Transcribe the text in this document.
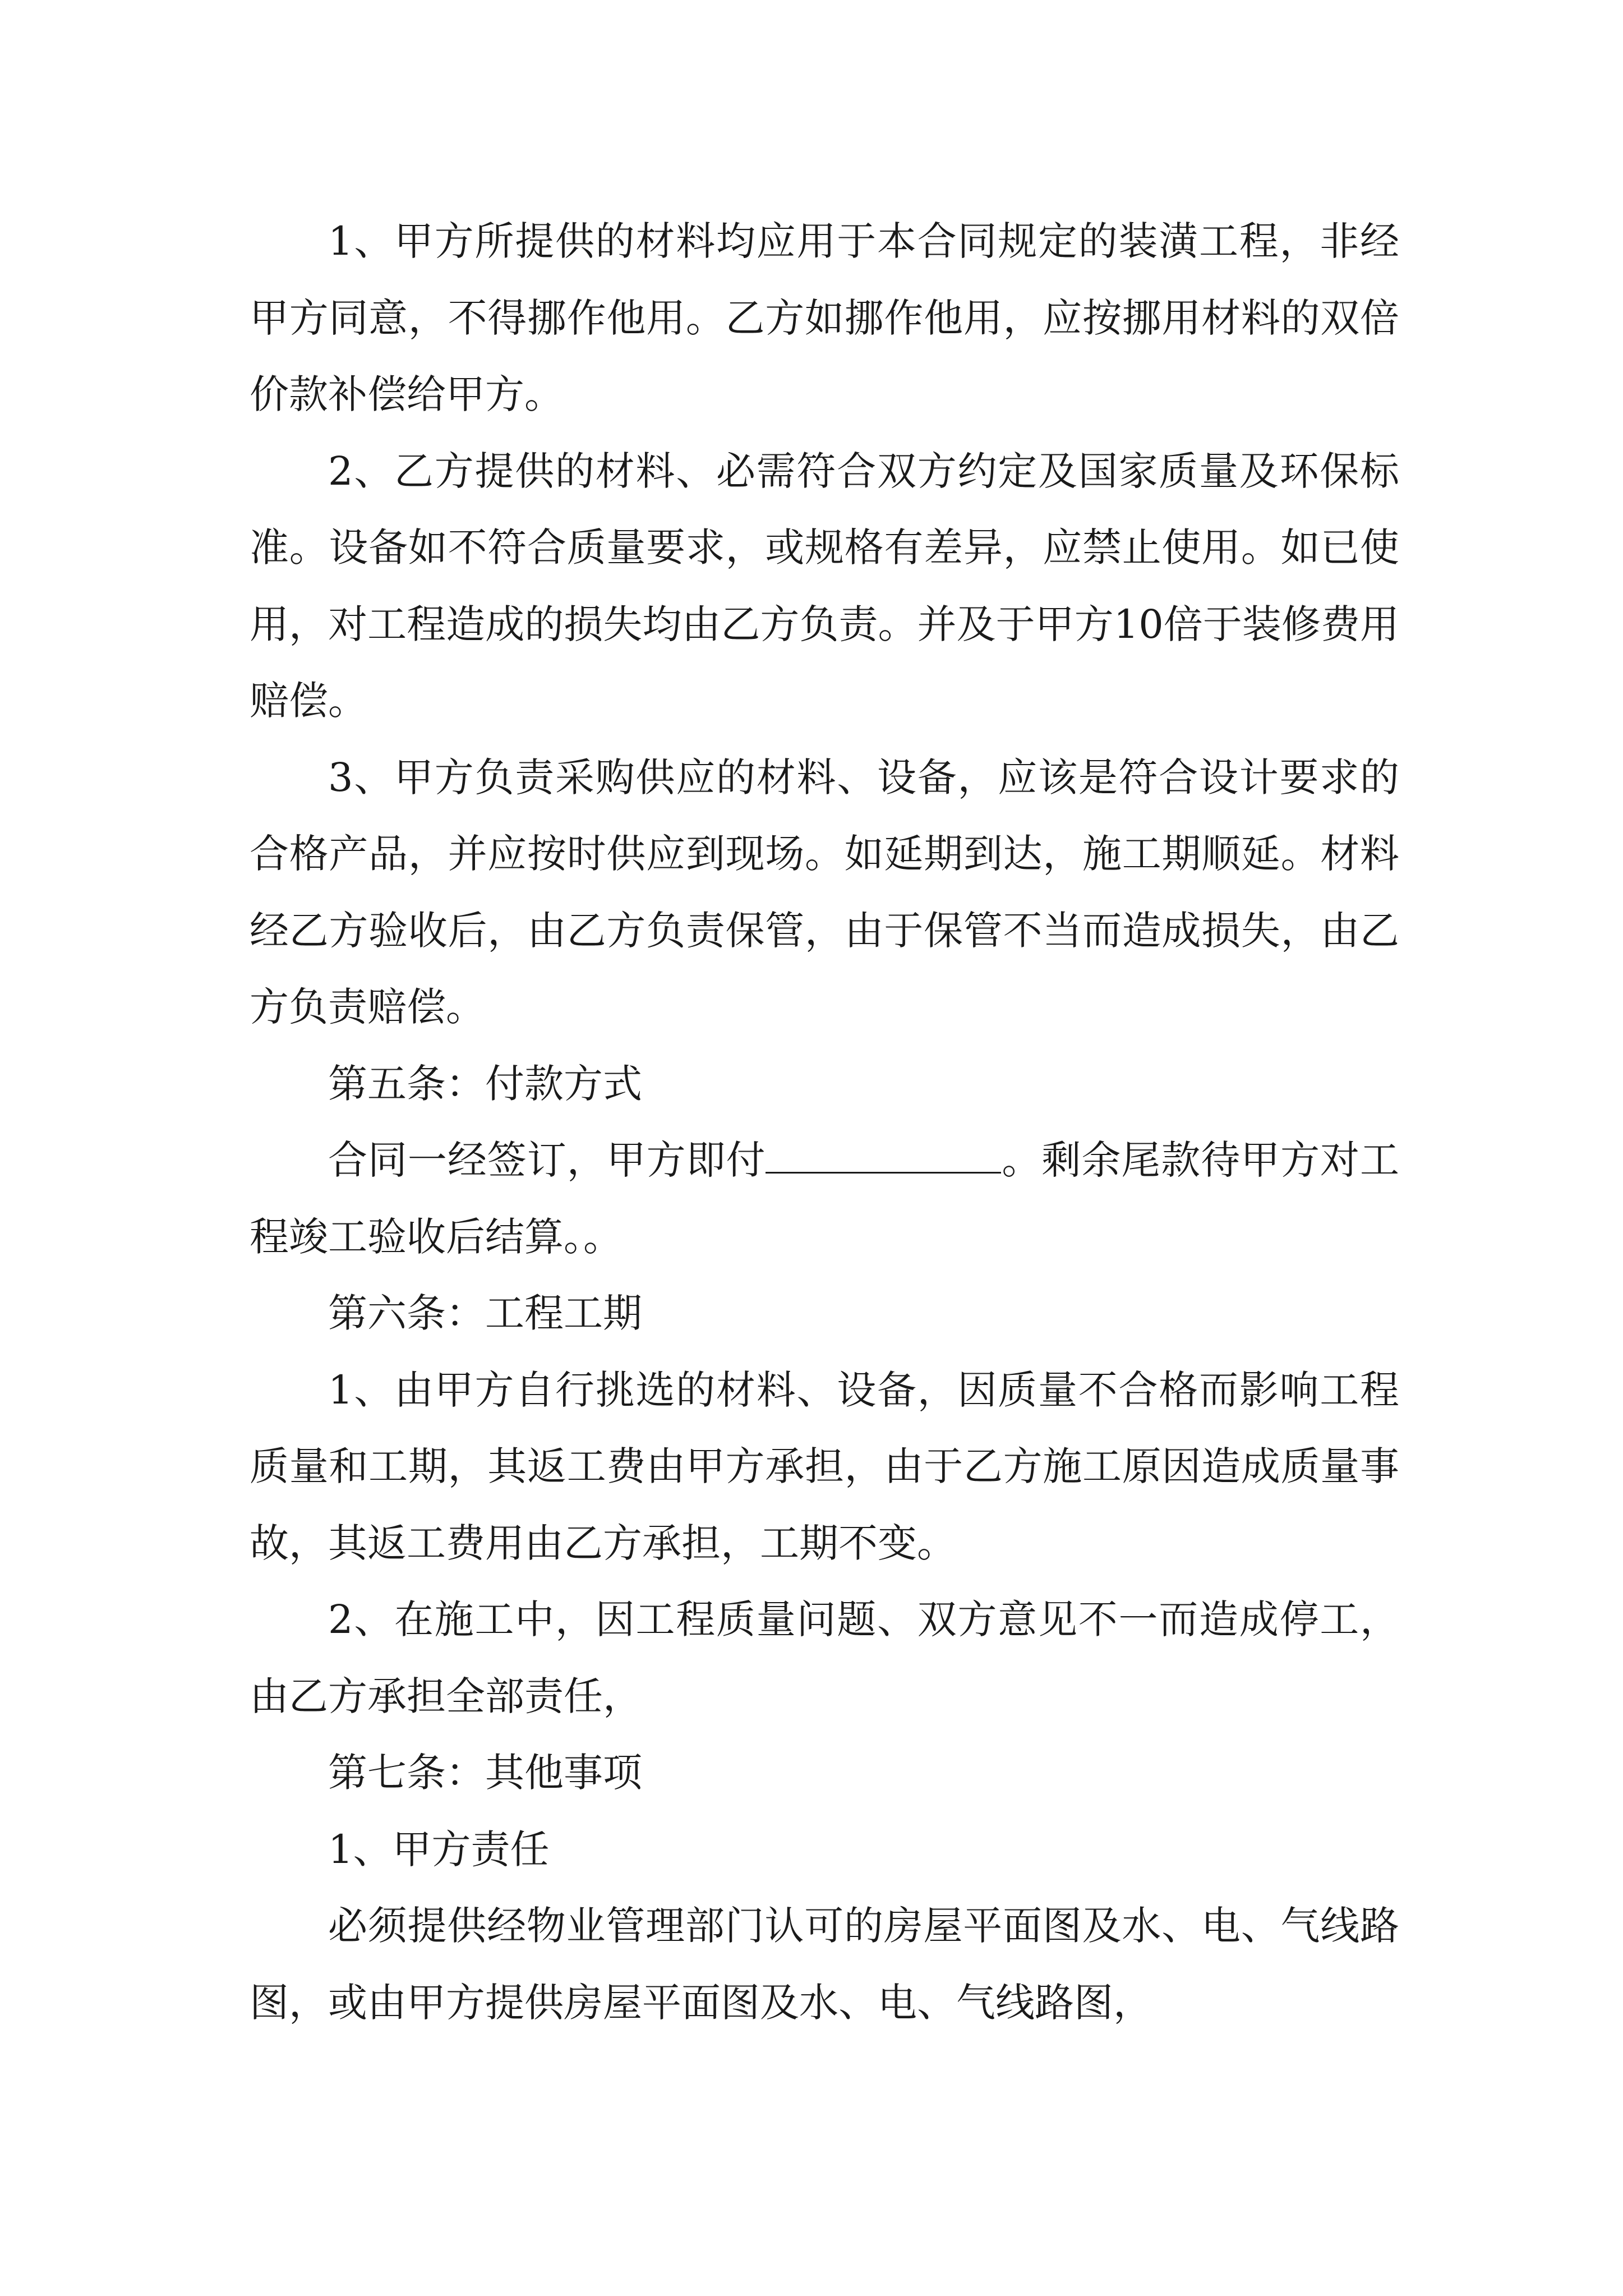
1、甲方所提供的材料均应用于本合同规定的装潢工程，非经甲方同意，不得挪作他用。乙方如挪作他用，应按挪用材料的双倍价款补偿给甲方。

2、乙方提供的材料、必需符合双方约定及国家质量及环保标准。设备如不符合质量要求，或规格有差异，应禁止使用。如已使用，对工程造成的损失均由乙方负责。并及于甲方10倍于装修费用赔偿。

3、甲方负责采购供应的材料、设备，应该是符合设计要求的合格产品，并应按时供应到现场。如延期到达，施工期顺延。材料经乙方验收后，由乙方负责保管，由于保管不当而造成损失，由乙方负责赔偿。

第五条：付款方式

合同一经签订，甲方即付	。剩余尾款待甲方对工程竣工验收后结算。。

第六条：工程工期

1、由甲方自行挑选的材料、设备，因质量不合格而影响工程质量和工期，其返工费由甲方承担，由于乙方施工原因造成质量事故，其返工费用由乙方承担，工期不变。

2、在施工中，因工程质量问题、双方意见不一而造成停工，由乙方承担全部责任，

第七条：其他事项

1、甲方责任

必须提供经物业管理部门认可的房屋平面图及水、电、气线路图，或由甲方提供房屋平面图及水、电、气线路图，
